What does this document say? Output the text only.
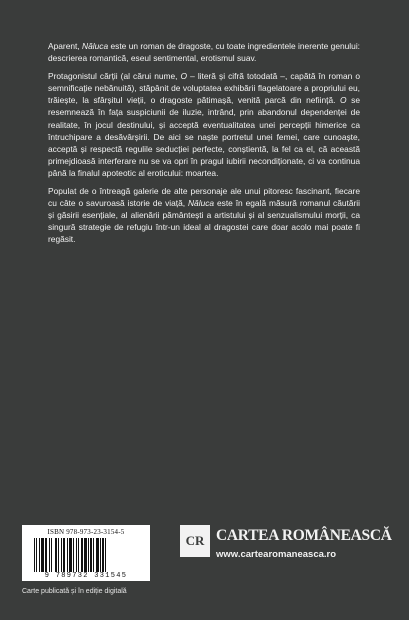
Aparent, Năluca este un roman de dragoste, cu toate ingredientele inerente genului: descrierea romantică, eseul sentimental, erotismul suav.

Protagonistul cărții (al cărui nume, O – literă și cifră totodată –, capătă în roman o semnificație nebănuită), stăpânit de voluptatea exhibării flagelatoare a propriului eu, trăiește, la sfârșitul vieții, o dragoste pătimașă, venită parcă din neființă. O se resemnează în fața suspiciunii de iluzie, intrând, prin abandonul dependenței de realitate, în jocul destinului, și acceptă eventualitatea unei percepții himerice ca întruchipare a desăvârșirii. De aici se naște portretul unei femei, care cunoaște, acceptă și respectă regulile seducției perfecte, conștientă, la fel ca el, că această primejdioasă interferare nu se va opri în pragul iubirii necondiționate, ci va continua până la finalul apoteotic al eroticului: moartea.

Populat de o întreagă galerie de alte personaje ale unui pitoresc fascinant, fiecare cu câte o savuroasă istorie de viață, Năluca este în egală măsură romanul căutării și găsirii esențiale, al alienării pământești a artistului și al senzualismului morții, ca singură strategie de refugiu într-un ideal al dragostei care doar acolo mai poate fi regăsit.

ISBN 978-973-23-3154-5
9 789732 331545
CR CARTEA ROMÂNEASCĂ
www.cartearomaneasca.ro
Carte publicată și în ediție digitală
